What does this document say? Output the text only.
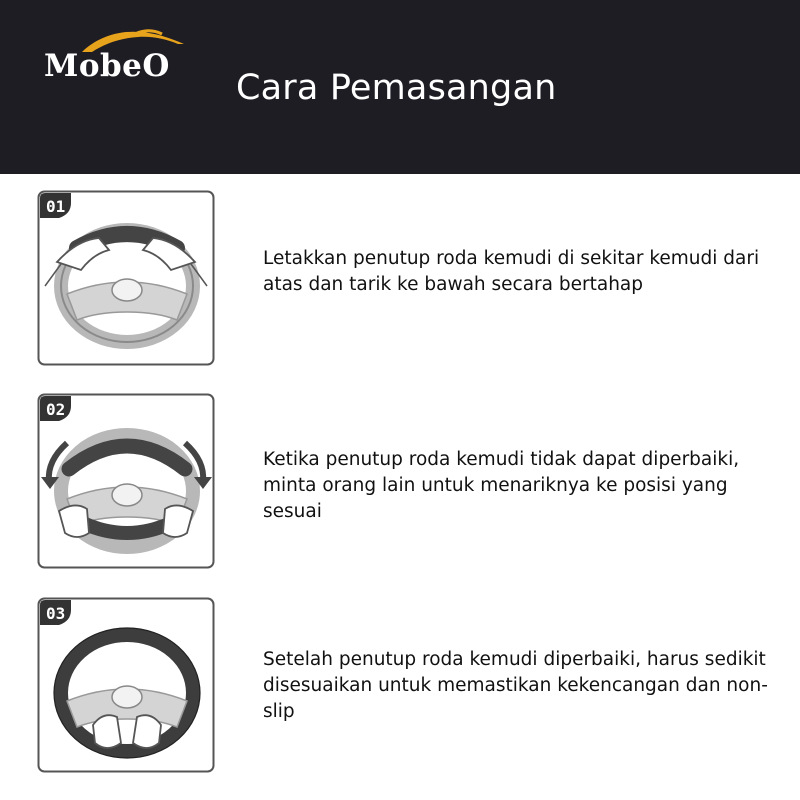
MobeO
Cara Pemasangan
01
Letakkan penutup roda kemudi di sekitar kemudi dari atas dan tarik ke bawah secara bertahap
02
Ketika penutup roda kemudi tidak dapat diperbaiki, minta orang lain untuk menariknya ke posisi yang sesuai
03
Setelah penutup roda kemudi diperbaiki, harus sedikit disesuaikan untuk memastikan kekencangan dan non-slip
